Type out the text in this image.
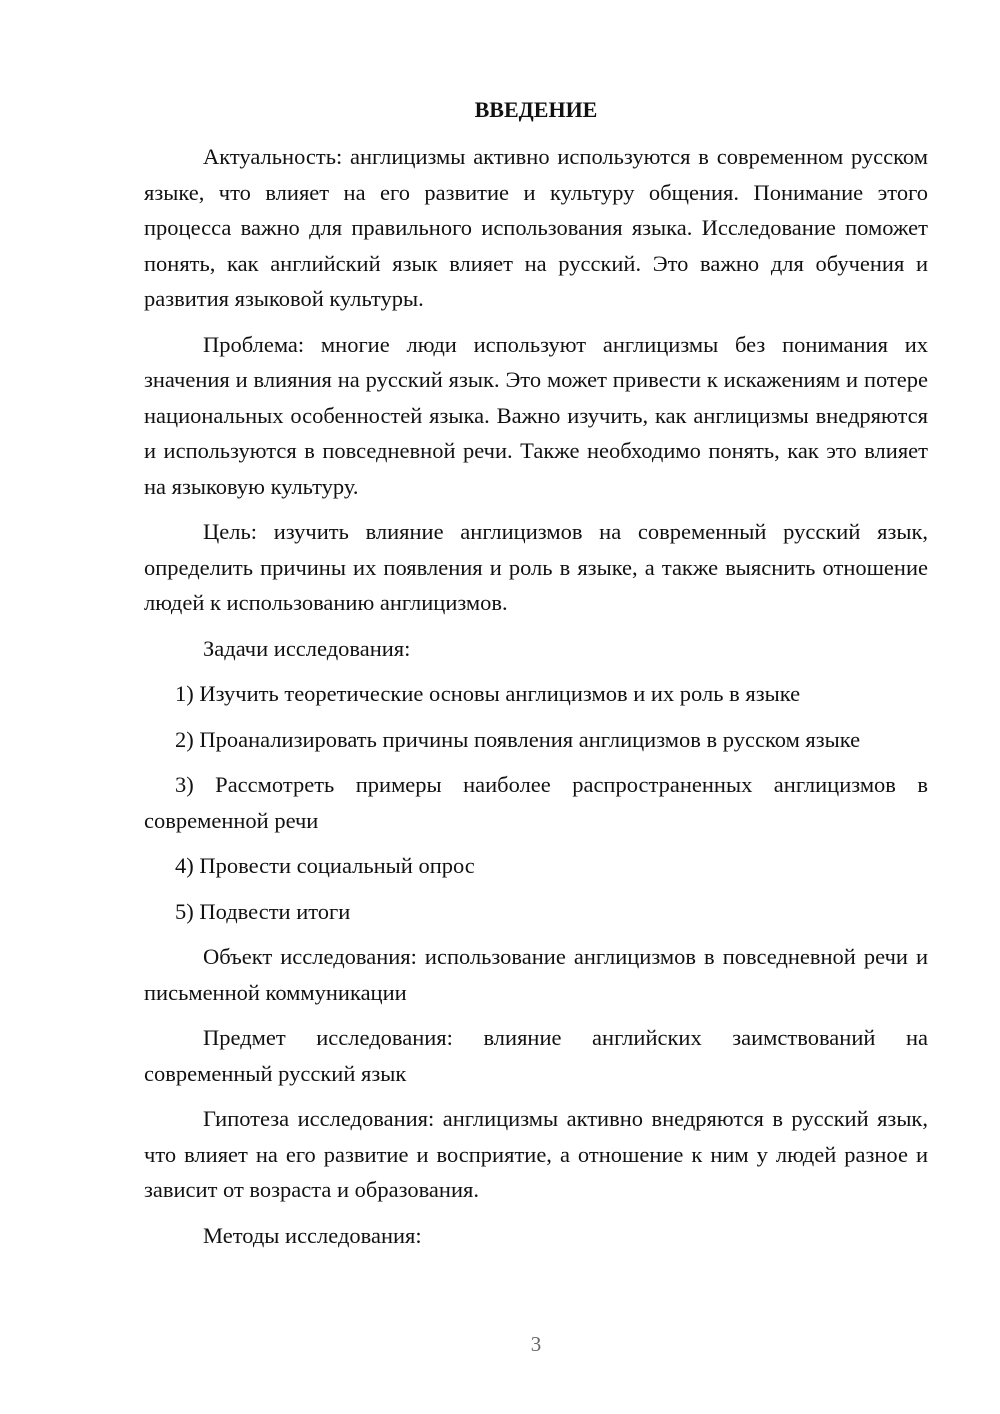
ВВЕДЕНИЕ

Актуальность: англицизмы активно используются в современном русском языке, что влияет на его развитие и культуру общения. Понимание этого процесса важно для правильного использования языка. Исследование поможет понять, как английский язык влияет на русский. Это важно для обучения и развития языковой культуры.

Проблема: многие люди используют англицизмы без понимания их значения и влияния на русский язык. Это может привести к искажениям и потере национальных особенностей языка. Важно изучить, как англицизмы внедряются и используются в повседневной речи. Также необходимо понять, как это влияет на языковую культуру.

Цель: изучить влияние англицизмов на современный русский язык, определить причины их появления и роль в языке, а также выяснить отношение людей к использованию англицизмов.

Задачи исследования:

1) Изучить теоретические основы англицизмов и их роль в языке

2) Проанализировать причины появления англицизмов в русском языке

3) Рассмотреть примеры наиболее распространенных англицизмов в современной речи

4) Провести социальный опрос

5) Подвести итоги

Объект исследования: использование англицизмов в повседневной речи и письменной коммуникации

Предмет исследования: влияние английских заимствований на современный русский язык

Гипотеза исследования: англицизмы активно внедряются в русский язык, что влияет на его развитие и восприятие, а отношение к ним у людей разное и зависит от возраста и образования.

Методы исследования:

3
